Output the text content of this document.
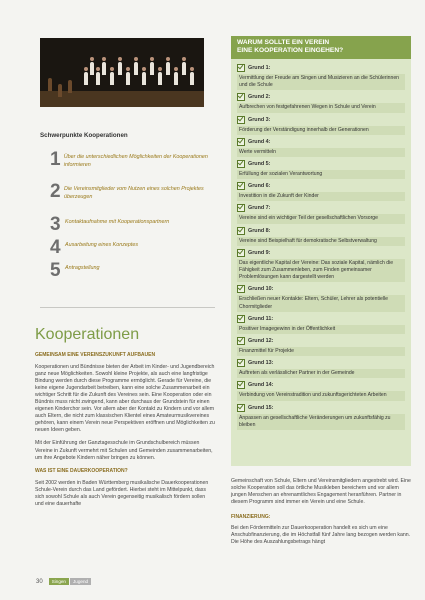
Schwerpunkte Kooperationen
1 Über die unterschiedlichen Möglichkeiten der Kooperationen informieren
2 Die Vereinsmitglieder vom Nutzen eines solchen Projektes überzeugen
3 Kontaktaufnahme mit Kooperationspartnern
4 Ausarbeitung eines Konzeptes
5 Antragstellung
WARUM SOLLTE EIN VEREIN
EINE KOOPERATION EINGEHEN?
Grund 1:
Vermittlung der Freude am Singen und Musizieren an die Schülerinnen und die Schule
Grund 2:
Aufbrechen von festgefahrenen Wegen in Schule und Verein
Grund 3:
Förderung der Verständigung innerhalb der Generationen
Grund 4:
Werte vermitteln
Grund 5:
Erfüllung der sozialen Verantwortung
Grund 6:
Investition in die Zukunft der Kinder
Grund 7:
Vereine sind ein wichtiger Teil der gesellschaftlichen Vorsorge
Grund 8:
Vereine sind Beispielhaft für demokratische Selbstverwaltung
Grund 9:
Das eigentliche Kapital der Vereine: Das soziale Kapital, nämlich die Fähigkeit zum Zusammenleben, zum Finden gemeinsamer Problemlösungen kann dargestellt werden
Grund 10:
Erschließen neuer Kontakte: Eltern, Schüler, Lehrer als potentielle Chormitglieder
Grund 11:
Positiver Imagegewinn in der Öffentlichkeit
Grund 12:
Finanzmittel für Projekte
Grund 13:
Auftreten als verlässlicher Partner in der Gemeinde
Grund 14:
Verbindung von Vereinstradition und zukunftsgerichteten Arbeiten
Grund 15:
Anpassen an gesellschaftliche Veränderungen um zukunftsfähig zu bleiben
Kooperationen
GEMEINSAM EINE VEREINSZUKUNFT AUFBAUEN

Kooperationen und Bündnisse bieten der Arbeit im Kinder- und Jugendbereich ganz neue Möglichkeiten. Sowohl kleine Projekte, als auch eine langfristige Bindung werden durch diese Programme ermöglicht. Gerade für Vereine, die keine eigene Jugendarbeit betreiben, kann eine solche Zusammenarbeit ein wichtiger Schritt für die Zukunft des Vereines sein. Eine Kooperation oder ein Bündnis muss nicht zwingend, kann aber durchaus der Grundstein für einen eigenen Kinderchor sein. Vor allem aber der Kontakt zu Kindern und vor allem auch Eltern, die nicht zum klassischen Klientel eines Amateurmusikvereines gehören, kann einem Verein neue Perspektiven eröffnen und Möglichkeiten zu neuen Ideen geben.

Mit der Einführung der Ganztagesschule im Grundschulbereich müssen Vereine in Zukunft vermehrt mit Schulen und Gemeinden zusammenarbeiten, um ihre Angebote Kindern näher bringen zu können.

WAS IST EINE DAUERKOOPERATION?

Seit 2002 werden in Baden Württemberg musikalische Dauerkooperationen Schule-Verein durch das Land gefördert. Hierbei steht im Mittelpunkt, dass sich sowohl Schule als auch Verein gegenseitig musikalisch fördern sollen und eine dauerhafte

Gemeinschaft von Schule, Eltern und Vereinsmitgliedern angestrebt wird. Eine solche Kooperation soll das örtliche Musikleben bereichern und vor allem jungen Menschen an ehrenamtliches Engagement heranführen. Partner in diesem Programm sind immer ein Verein und eine Schule.

FINANZIERUNG:

Bei den Fördermitteln zur Dauerkooperation handelt es sich um eine Anschubfinanzierung, die im Höchstfall fünf Jahre lang bezogen werden kann. Die Höhe des Auszahlungsbetrags hängt

30	Singen	Jugend
